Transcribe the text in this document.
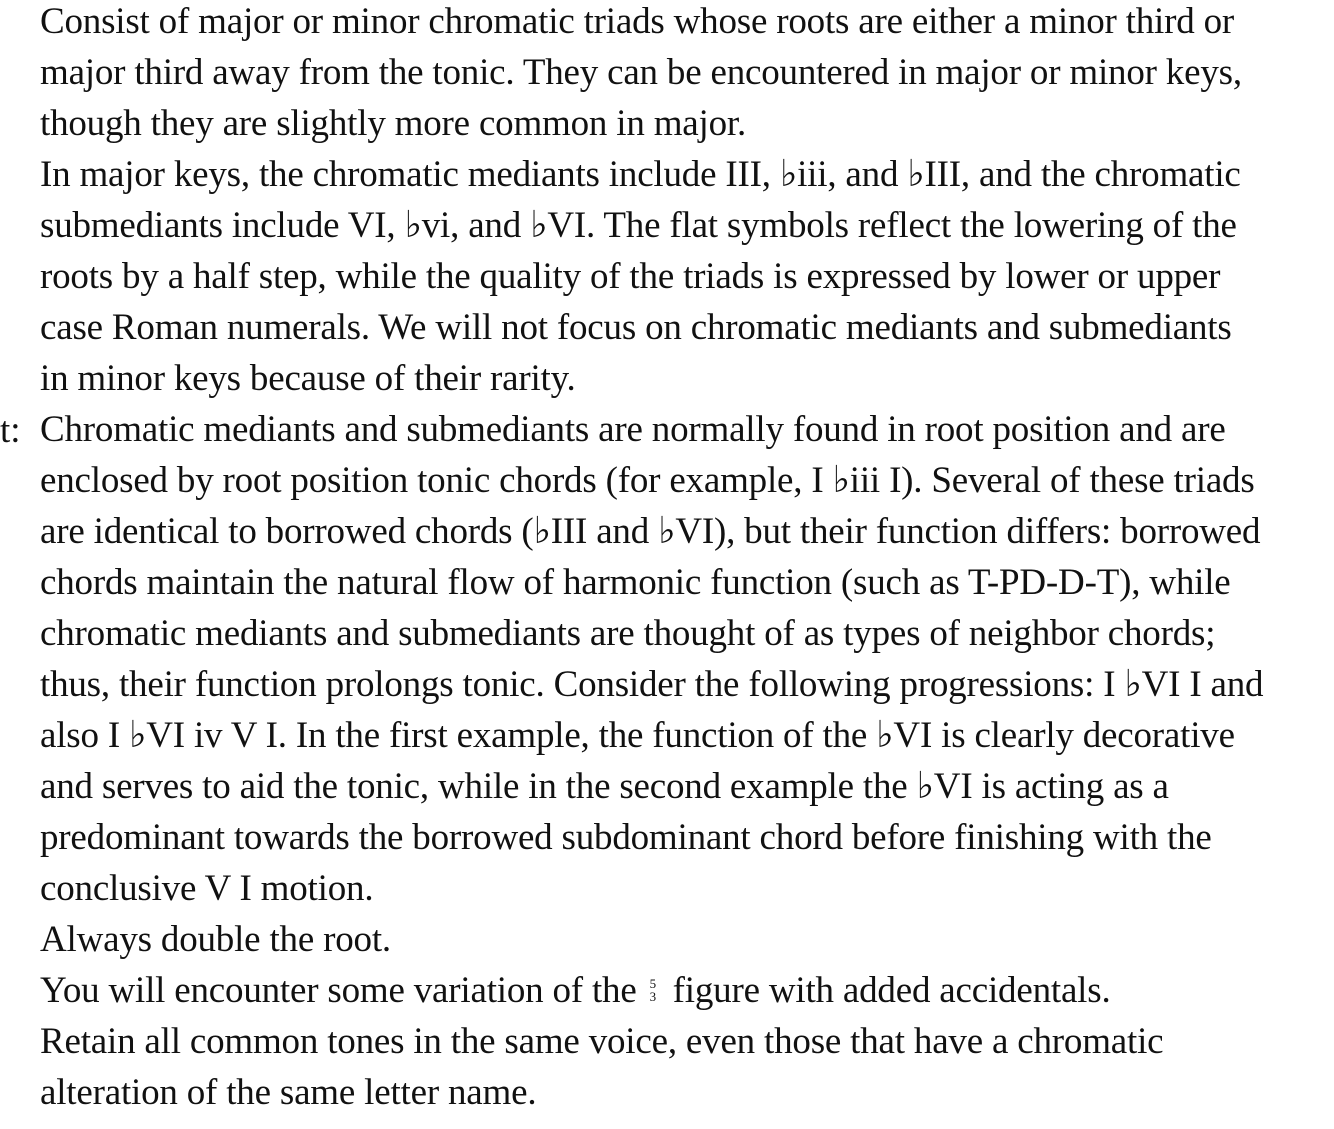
t:
Consist of major or minor chromatic triads whose roots are either a minor third or
major third away from the tonic. They can be encountered in major or minor keys,
though they are slightly more common in major.
In major keys, the chromatic mediants include III, ♭iii, and ♭III, and the chromatic
submediants include VI, ♭vi, and ♭VI. The flat symbols reflect the lowering of the
roots by a half step, while the quality of the triads is expressed by lower or upper
case Roman numerals. We will not focus on chromatic mediants and submediants
in minor keys because of their rarity.
Chromatic mediants and submediants are normally found in root position and are
enclosed by root position tonic chords (for example, I ♭iii I). Several of these triads
are identical to borrowed chords (♭III and ♭VI), but their function differs: borrowed
chords maintain the natural flow of harmonic function (such as T-PD-D-T), while
chromatic mediants and submediants are thought of as types of neighbor chords;
thus, their function prolongs tonic. Consider the following progressions: I ♭VI I and
also I ♭VI iv V I. In the first example, the function of the ♭VI is clearly decorative
and serves to aid the tonic, while in the second example the ♭VI is acting as a
predominant towards the borrowed subdominant chord before finishing with the
conclusive V I motion.
Always double the root.
You will encounter some variation of the 5
3 figure with added accidentals.
Retain all common tones in the same voice, even those that have a chromatic
alteration of the same letter name.
